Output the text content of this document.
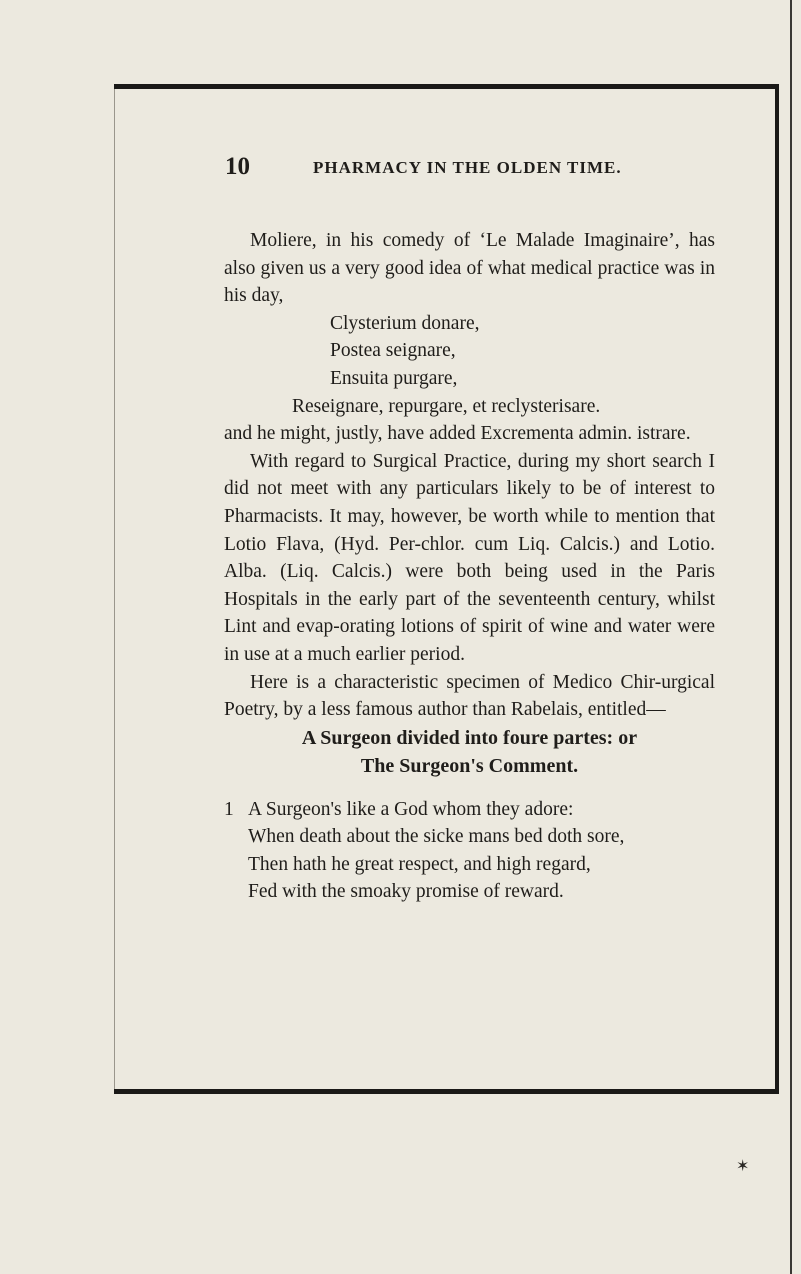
10	PHARMACY IN THE OLDEN TIME.

Moliere, in his comedy of ‘Le Malade Imaginaire’, has also given us a very good idea of what medical practice was in his day,

Clysterium donare,
Postea seignare,
Ensuita purgare,
Reseignare, repurgare, et reclysterisare.

and he might, justly, have added Excrementa admin. istrare.

With regard to Surgical Practice, during my short search I did not meet with any particulars likely to be of interest to Pharmacists. It may, however, be worth while to mention that Lotio Flava, (Hyd. Per-chlor. cum Liq. Calcis.) and Lotio. Alba. (Liq. Calcis.) were both being used in the Paris Hospitals in the early part of the seventeenth century, whilst Lint and evap-orating lotions of spirit of wine and water were in use at a much earlier period.

Here is a characteristic specimen of Medico Chir-urgical Poetry, by a less famous author than Rabelais, entitled—

A Surgeon divided into foure partes: or
The Surgeon's Comment.
1 A Surgeon's like a God whom they adore:
When death about the sicke mans bed doth sore,
Then hath he great respect, and high regard,
Fed with the smoaky promise of reward.
✶
